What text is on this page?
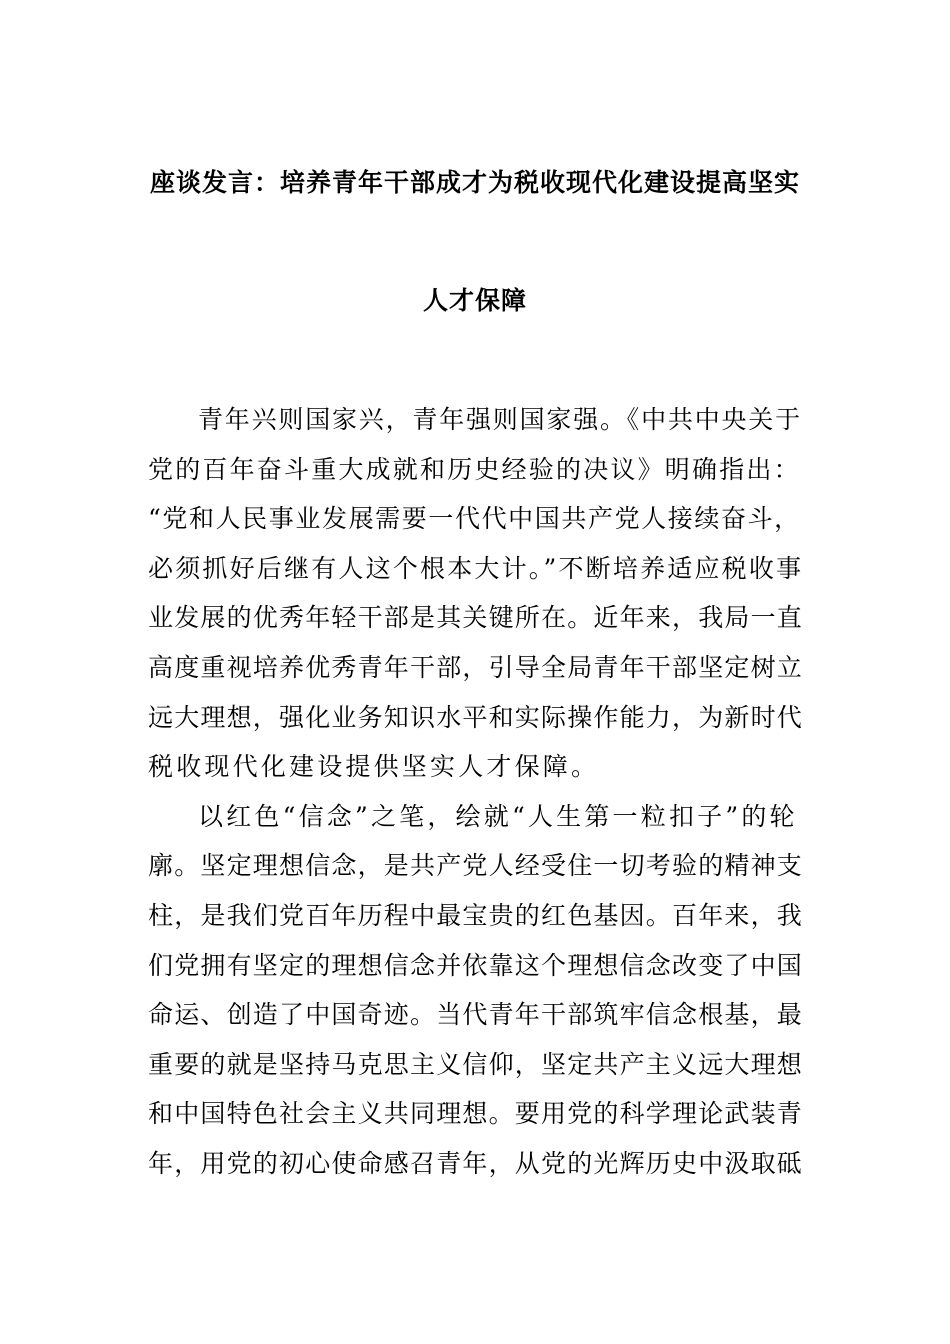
座谈发言：培养青年干部成才为税收现代化建设提高坚实
人才保障
青年兴则国家兴，青年强则国家强。《中共中央关于
党的百年奋斗重大成就和历史经验的决议》明确指出：
“党和人民事业发展需要一代代中国共产党人接续奋斗，
必须抓好后继有人这个根本大计。”不断培养适应税收事
业发展的优秀年轻干部是其关键所在。近年来，我局一直
高度重视培养优秀青年干部，引导全局青年干部坚定树立
远大理想，强化业务知识水平和实际操作能力，为新时代
税收现代化建设提供坚实人才保障。
以红色“信念”之笔，绘就“人生第一粒扣子”的轮
廓。坚定理想信念，是共产党人经受住一切考验的精神支
柱，是我们党百年历程中最宝贵的红色基因。百年来，我
们党拥有坚定的理想信念并依靠这个理想信念改变了中国
命运、创造了中国奇迹。当代青年干部筑牢信念根基，最
重要的就是坚持马克思主义信仰，坚定共产主义远大理想
和中国特色社会主义共同理想。要用党的科学理论武装青
年，用党的初心使命感召青年，从党的光辉历史中汲取砥
